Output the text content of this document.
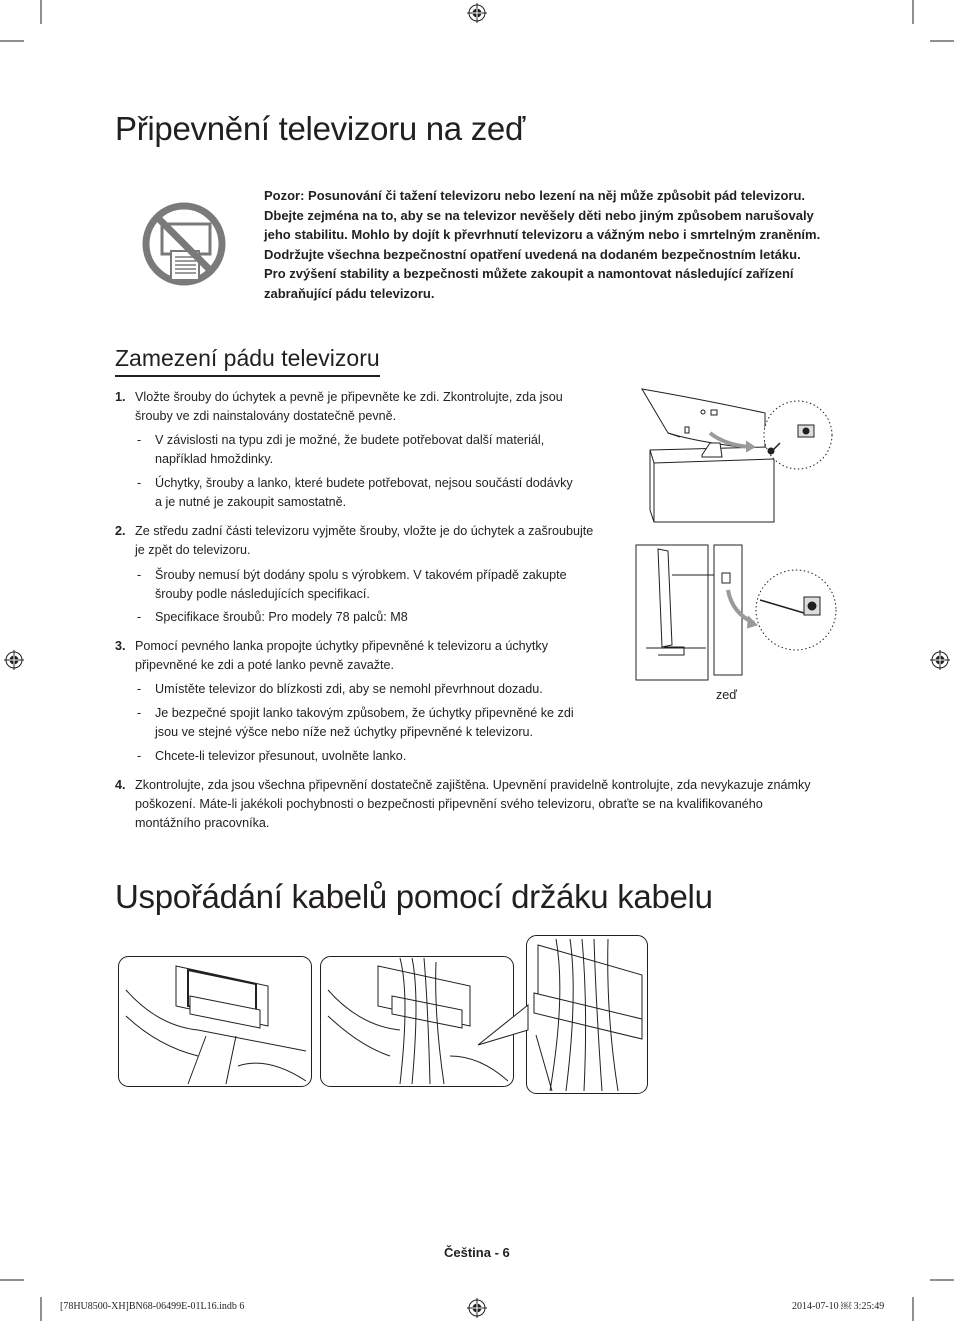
Připevnění televizoru na zeď
Pozor: Posunování či tažení televizoru nebo lezení na něj může způsobit pád televizoru.
Dbejte zejména na to, aby se na televizor nevěšely děti nebo jiným způsobem narušovaly
jeho stabilitu. Mohlo by dojít k převrhnutí televizoru a vážným nebo i smrtelným zraněním.
Dodržujte všechna bezpečnostní opatření uvedená na dodaném bezpečnostním letáku.
Pro zvýšení stability a bezpečnosti můžete zakoupit a namontovat následující zařízení
zabraňující pádu televizoru.
Zamezení pádu televizoru
1. Vložte šrouby do úchytek a pevně je připevněte ke zdi. Zkontrolujte, zda jsou
šrouby ve zdi nainstalovány dostatečně pevně.
- V závislosti na typu zdi je možné, že budete potřebovat další materiál,
například hmoždinky.
- Úchytky, šrouby a lanko, které budete potřebovat, nejsou součástí dodávky
a je nutné je zakoupit samostatně.
2. Ze středu zadní části televizoru vyjměte šrouby, vložte je do úchytek a zašroubujte
je zpět do televizoru.
- Šrouby nemusí být dodány spolu s výrobkem. V takovém případě zakupte
šrouby podle následujících specifikací.
- Specifikace šroubů: Pro modely 78 palců: M8
3. Pomocí pevného lanka propojte úchytky připevněné k televizoru a úchytky
připevněné ke zdi a poté lanko pevně zavažte.
- Umístěte televizor do blízkosti zdi, aby se nemohl převrhnout dozadu.
- Je bezpečné spojit lanko takovým způsobem, že úchytky připevněné ke zdi
jsou ve stejné výšce nebo níže než úchytky připevněné k televizoru.
- Chcete-li televizor přesunout, uvolněte lanko.
4. Zkontrolujte, zda jsou všechna připevnění dostatečně zajištěna. Upevnění pravidelně kontrolujte, zda nevykazuje známky
poškození. Máte-li jakékoli pochybnosti o bezpečnosti připevnění svého televizoru, obraťte se na kvalifikovaného
montážního pracovníka.
zeď
Uspořádání kabelů pomocí držáku kabelu
Čeština - 6
[78HU8500-XH]BN68-06499E-01L16.indb 6	2014-07-10 ￼ 3:25:49
